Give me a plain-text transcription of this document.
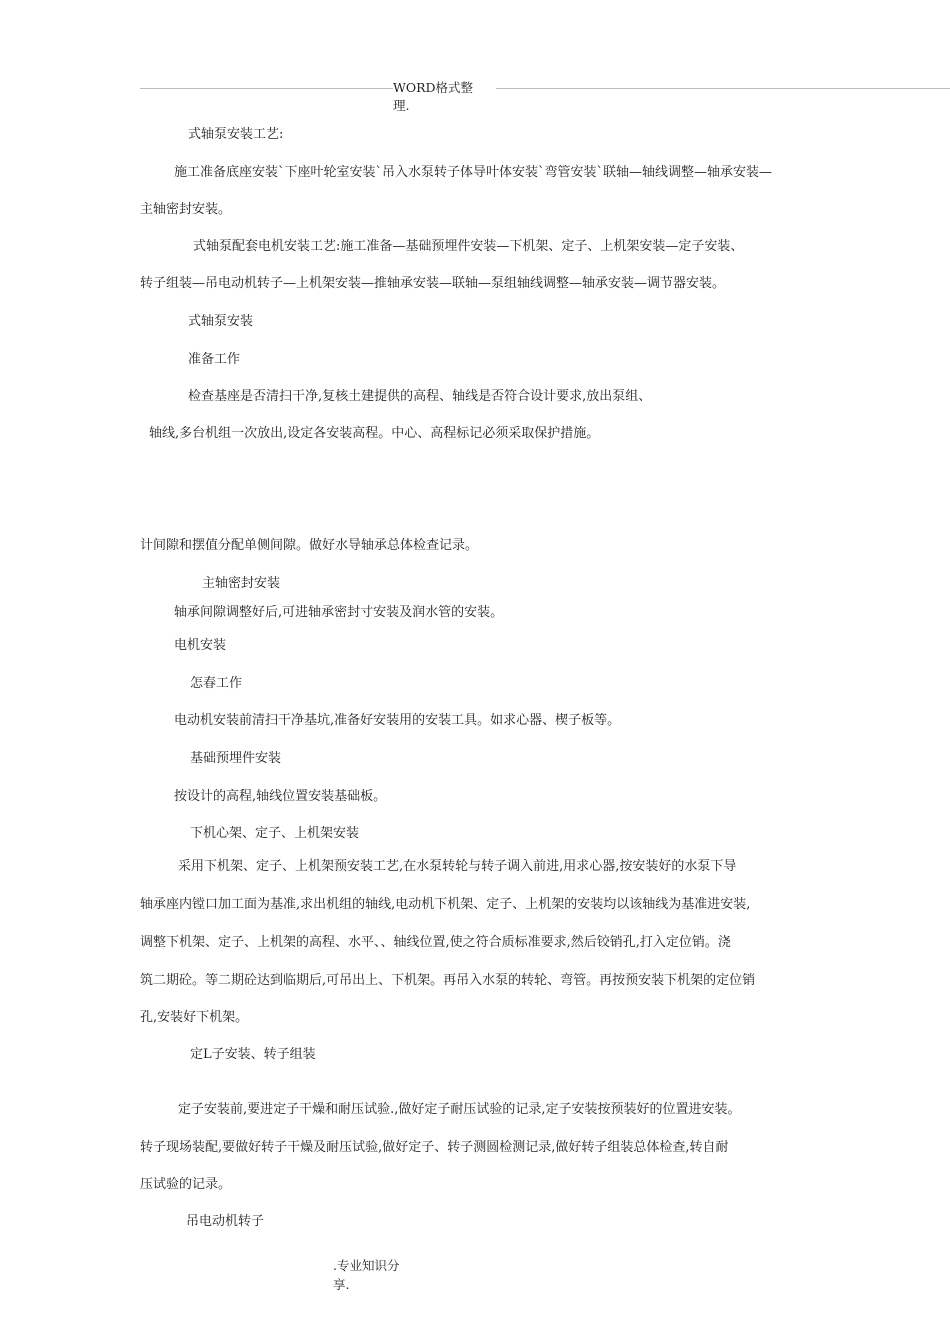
WORD格式整
理.
式轴泵安装工艺:
施工准备底座安装`下座叶轮室安装`吊入水泵转子体导叶体安装`弯管安装`联轴—轴线调整—轴承安装—
主轴密封安装。
式轴泵配套电机安装工艺:施工准备—基础预埋件安装—下机架、定子、上机架安装—定子安装、
转子组装—吊电动机转子—上机架安装—推轴承安装—联轴—泵组轴线调整—轴承安装—调节器安装。
式轴泵安装
准备工作
检查基座是否清扫干净,复核土建提供的高程、轴线是否符合设计要求,放出泵组、
轴线,多台机组一次放出,设定各安装高程。中心、高程标记必须采取保护措施。
计间隙和摆值分配单侧间隙。做好水导轴承总体检查记录。
主轴密封安装
轴承间隙调整好后,可进轴承密封寸安装及润水管的安装。
电机安装
怎春工作
电动机安装前清扫干净基坑,准备好安装用的安装工具。如求心器、楔子板等。
基础预埋件安装
按设计的高程,轴线位置安装基础板。
下机心架、定子、上机架安装
采用下机架、定子、上机架预安装工艺,在水泵转轮与转子调入前进,用求心器,按安装好的水泵下导
轴承座内镗口加工面为基准,求出机组的轴线,电动机下机架、定子、上机架的安装均以该轴线为基准进安装,
调整下机架、定子、上机架的高程、水平、、轴线位置,使之符合质标准要求,然后铰销孔,打入定位销。浇
筑二期砼。等二期砼达到临期后,可吊出上、下机架。再吊入水泵的转轮、弯管。再按预安装下机架的定位销
孔,安装好下机架。
定L子安装、转子组装
定子安装前,要进定子干燥和耐压试验.,做好定子耐压试验的记录,定子安装按预装好的位置进安装。
转子现场装配,要做好转子干燥及耐压试验,做好定子、转子测圆检测记录,做好转子组装总体检查,转自耐
压试验的记录。
吊电动机转子
.专业知识分
享.
